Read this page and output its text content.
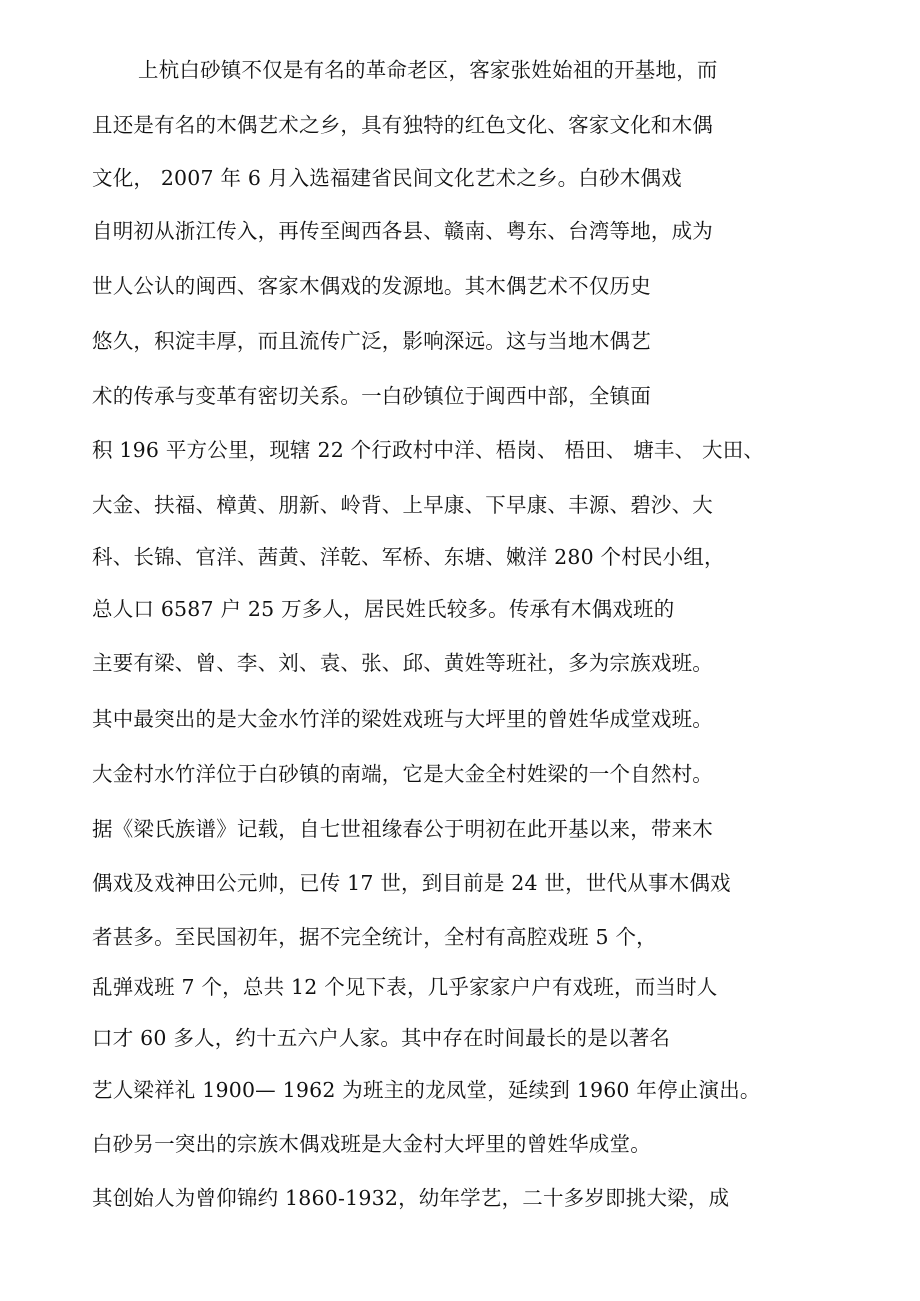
上杭白砂镇不仅是有名的革命老区，客家张姓始祖的开基地，而
且还是有名的木偶艺术之乡，具有独特的红色文化、客家文化和木偶
文化， 2007 年 6 月入选福建省民间文化艺术之乡。白砂木偶戏
自明初从浙江传入，再传至闽西各县、赣南、粤东、台湾等地，成为
世人公认的闽西、客家木偶戏的发源地。其木偶艺术不仅历史
悠久，积淀丰厚，而且流传广泛，影响深远。这与当地木偶艺
术的传承与变革有密切关系。一白砂镇位于闽西中部，全镇面
积 196 平方公里，现辖 22 个行政村中洋、梧岗、 梧田、 塘丰、 大田、
大金、扶福、樟黄、朋新、岭背、上早康、下早康、丰源、碧沙、大
科、长锦、官洋、茜黄、洋乾、军桥、东塘、嫩洋 280 个村民小组，
总人口 6587 户 25 万多人，居民姓氏较多。传承有木偶戏班的
主要有梁、曾、李、刘、袁、张、邱、黄姓等班社，多为宗族戏班。
其中最突出的是大金水竹洋的梁姓戏班与大坪里的曾姓华成堂戏班。
大金村水竹洋位于白砂镇的南端，它是大金全村姓梁的一个自然村。
据《梁氏族谱》记载，自七世祖缘春公于明初在此开基以来，带来木
偶戏及戏神田公元帅，已传 17 世，到目前是 24 世，世代从事木偶戏
者甚多。至民国初年，据不完全统计，全村有高腔戏班 5 个，
乱弹戏班 7 个，总共 12 个见下表，几乎家家户户有戏班，而当时人
口才 60 多人，约十五六户人家。其中存在时间最长的是以著名
艺人梁祥礼 1900— 1962 为班主的龙凤堂，延续到 1960 年停止演出。
白砂另一突出的宗族木偶戏班是大金村大坪里的曾姓华成堂。
其创始人为曾仰锦约 1860-1932，幼年学艺，二十多岁即挑大梁，成
